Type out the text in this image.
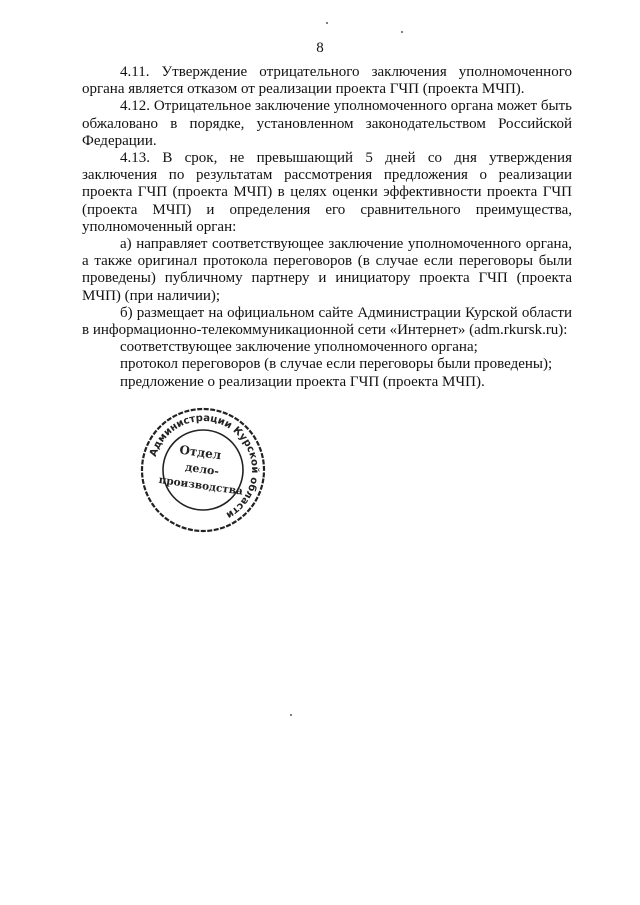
8

4.11. Утверждение отрицательного заключения уполномоченного органа является отказом от реализации проекта ГЧП (проекта МЧП).

4.12. Отрицательное заключение уполномоченного органа может быть обжаловано в порядке, установленном законодательством Российской Федерации.

4.13. В срок, не превышающий 5 дней со дня утверждения заключения по результатам рассмотрения предложения о реализации проекта ГЧП (проекта МЧП) в целях оценки эффективности проекта ГЧП (проекта МЧП) и определения его сравнительного преимущества, уполномоченный орган:

а) направляет соответствующее заключение уполномоченного органа, а также оригинал протокола переговоров (в случае если переговоры были проведены) публичному партнеру и инициатору проекта ГЧП (проекта МЧП) (при наличии);

б) размещает на официальном сайте Администрации Курской области в информационно-телекоммуникационной сети «Интернет» (adm.rkursk.ru):

соответствующее заключение уполномоченного органа;

протокол переговоров (в случае если переговоры были проведены);

предложение о реализации проекта ГЧП (проекта МЧП).

Администрации Курской области
Отдел
дело-
производства
